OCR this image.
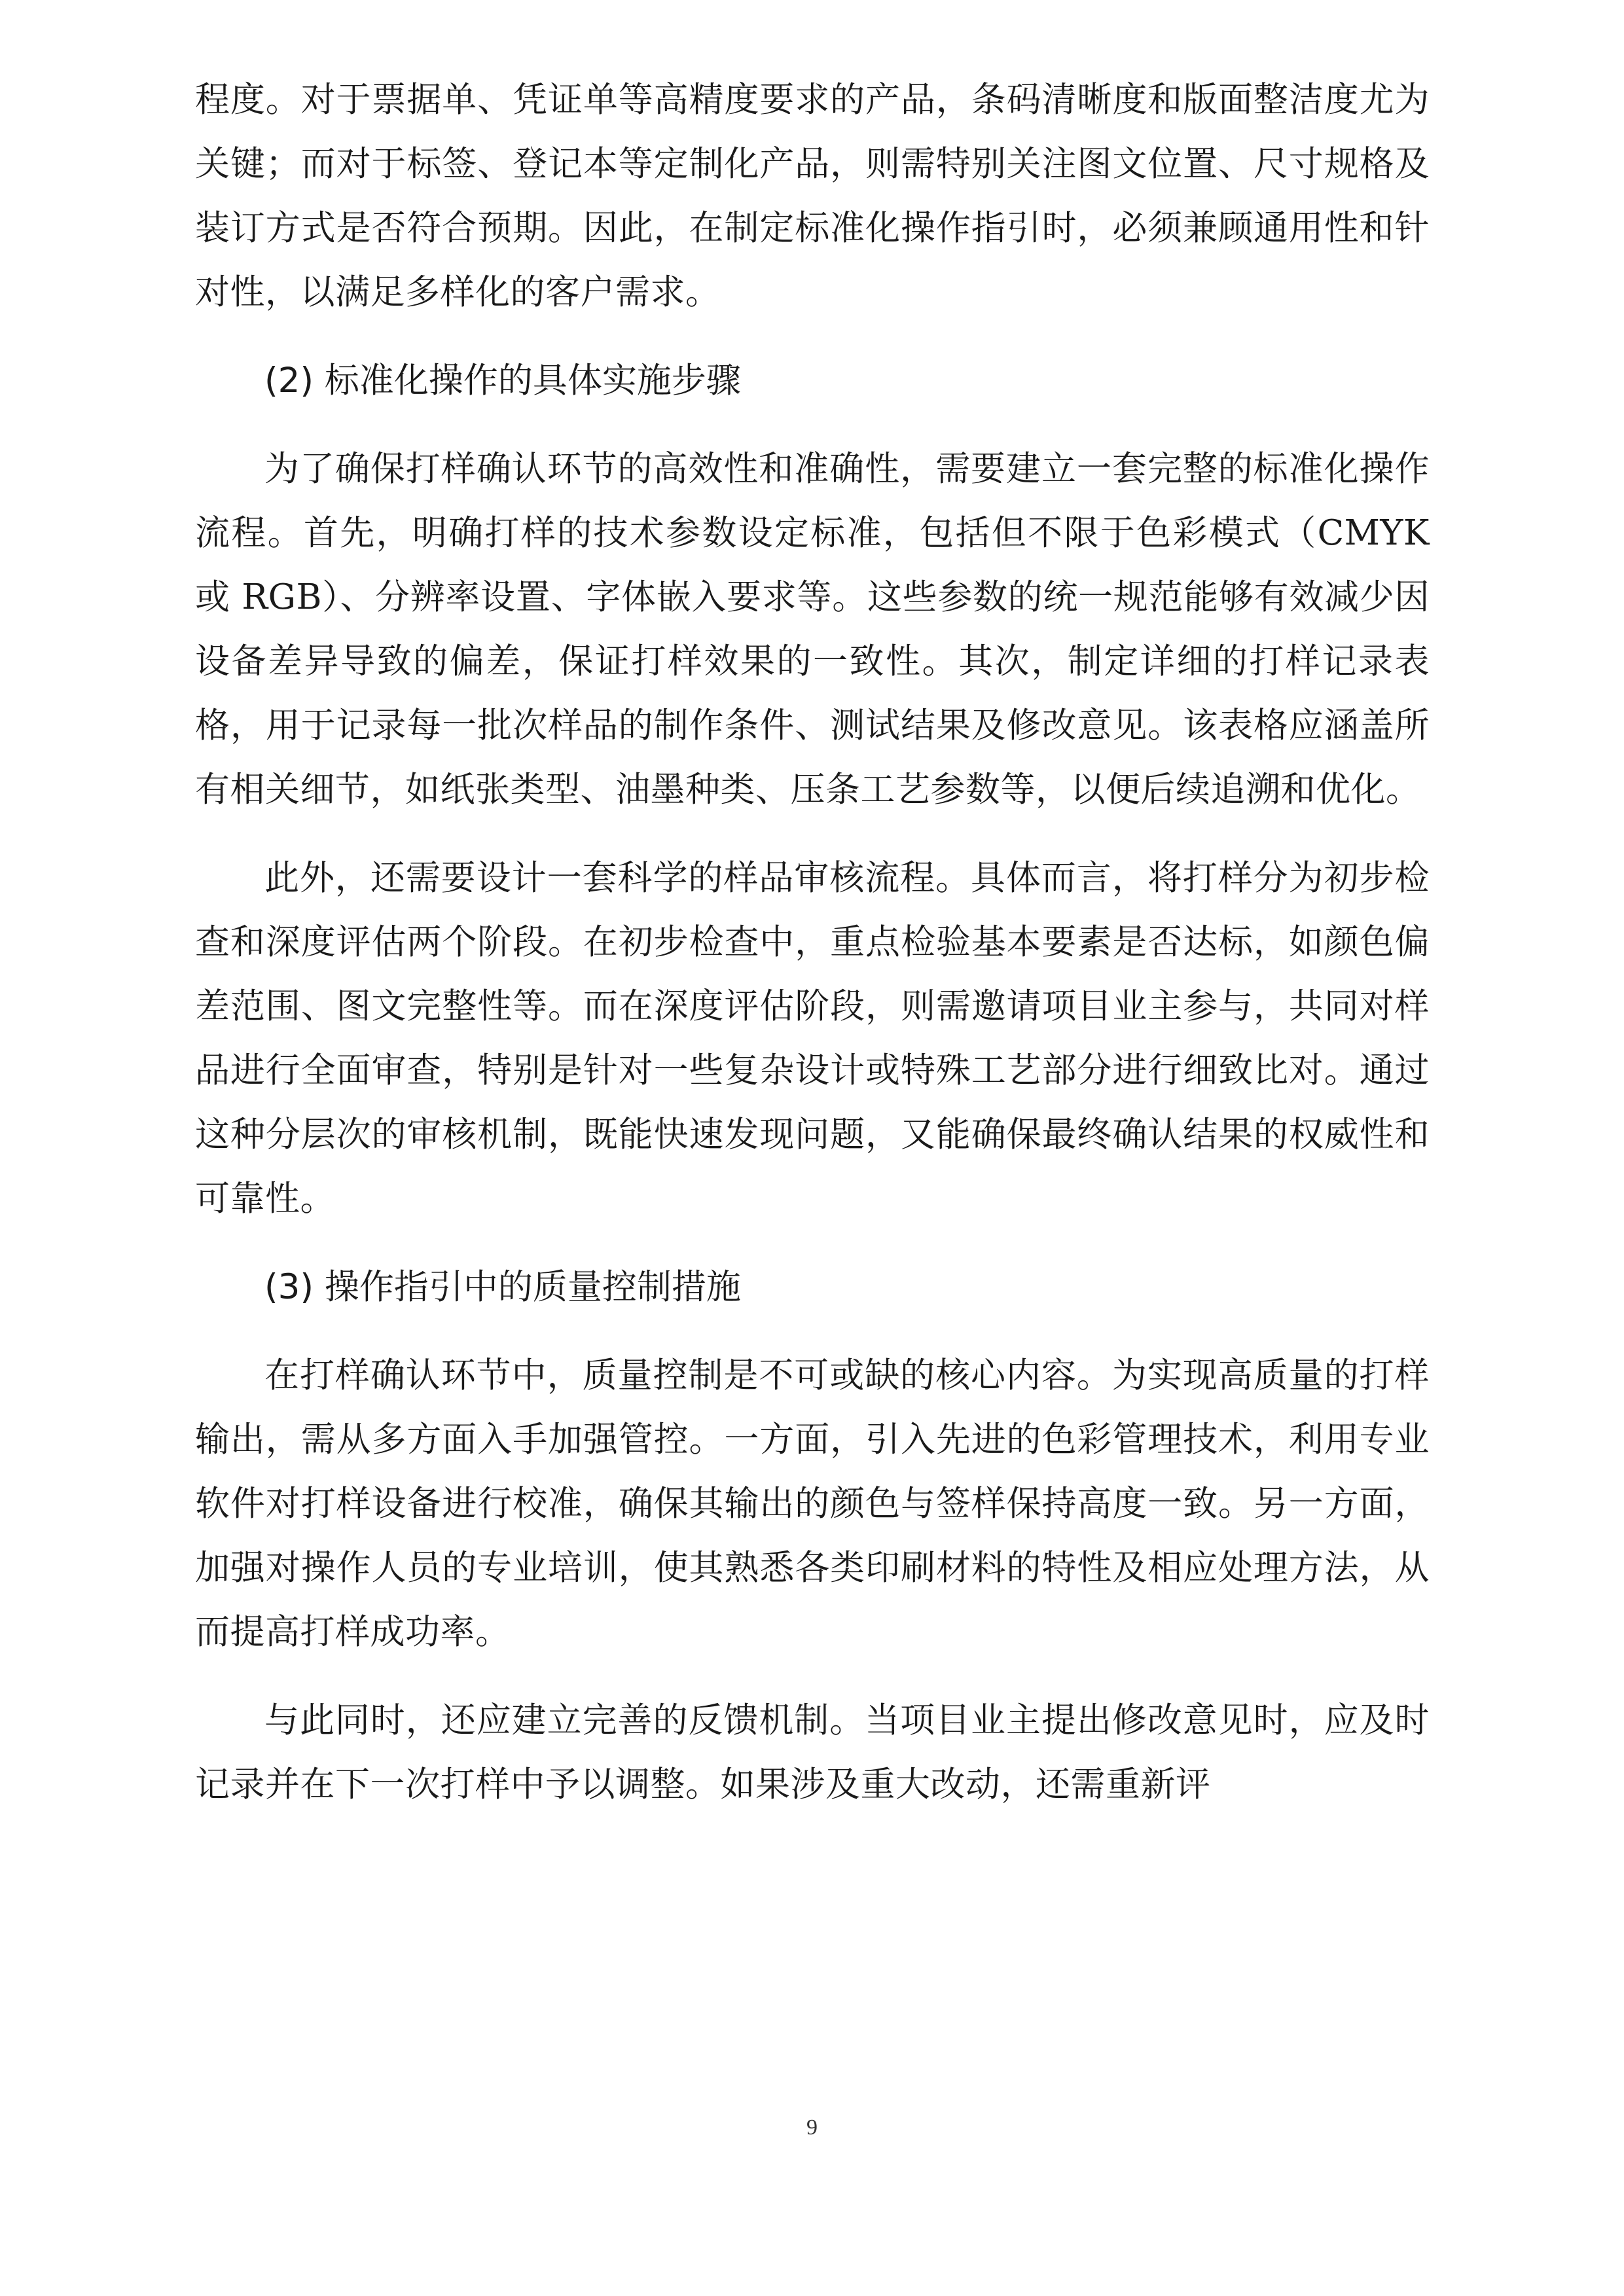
程度。对于票据单、凭证单等高精度要求的产品，条码清晰度和版面整洁度尤为关键；而对于标签、登记本等定制化产品，则需特别关注图文位置、尺寸规格及装订方式是否符合预期。因此，在制定标准化操作指引时，必须兼顾通用性和针对性，以满足多样化的客户需求。

(2) 标准化操作的具体实施步骤

为了确保打样确认环节的高效性和准确性，需要建立一套完整的标准化操作流程。首先，明确打样的技术参数设定标准，包括但不限于色彩模式（CMYK 或 RGB）、分辨率设置、字体嵌入要求等。这些参数的统一规范能够有效减少因设备差异导致的偏差，保证打样效果的一致性。其次，制定详细的打样记录表格，用于记录每一批次样品的制作条件、测试结果及修改意见。该表格应涵盖所有相关细节，如纸张类型、油墨种类、压条工艺参数等，以便后续追溯和优化。

此外，还需要设计一套科学的样品审核流程。具体而言，将打样分为初步检查和深度评估两个阶段。在初步检查中，重点检验基本要素是否达标，如颜色偏差范围、图文完整性等。而在深度评估阶段，则需邀请项目业主参与，共同对样品进行全面审查，特别是针对一些复杂设计或特殊工艺部分进行细致比对。通过这种分层次的审核机制，既能快速发现问题，又能确保最终确认结果的权威性和可靠性。

(3) 操作指引中的质量控制措施

在打样确认环节中，质量控制是不可或缺的核心内容。为实现高质量的打样输出，需从多方面入手加强管控。一方面，引入先进的色彩管理技术，利用专业软件对打样设备进行校准，确保其输出的颜色与签样保持高度一致。另一方面，加强对操作人员的专业培训，使其熟悉各类印刷材料的特性及相应处理方法，从而提高打样成功率。

与此同时，还应建立完善的反馈机制。当项目业主提出修改意见时，应及时记录并在下一次打样中予以调整。如果涉及重大改动，还需重新评

9
